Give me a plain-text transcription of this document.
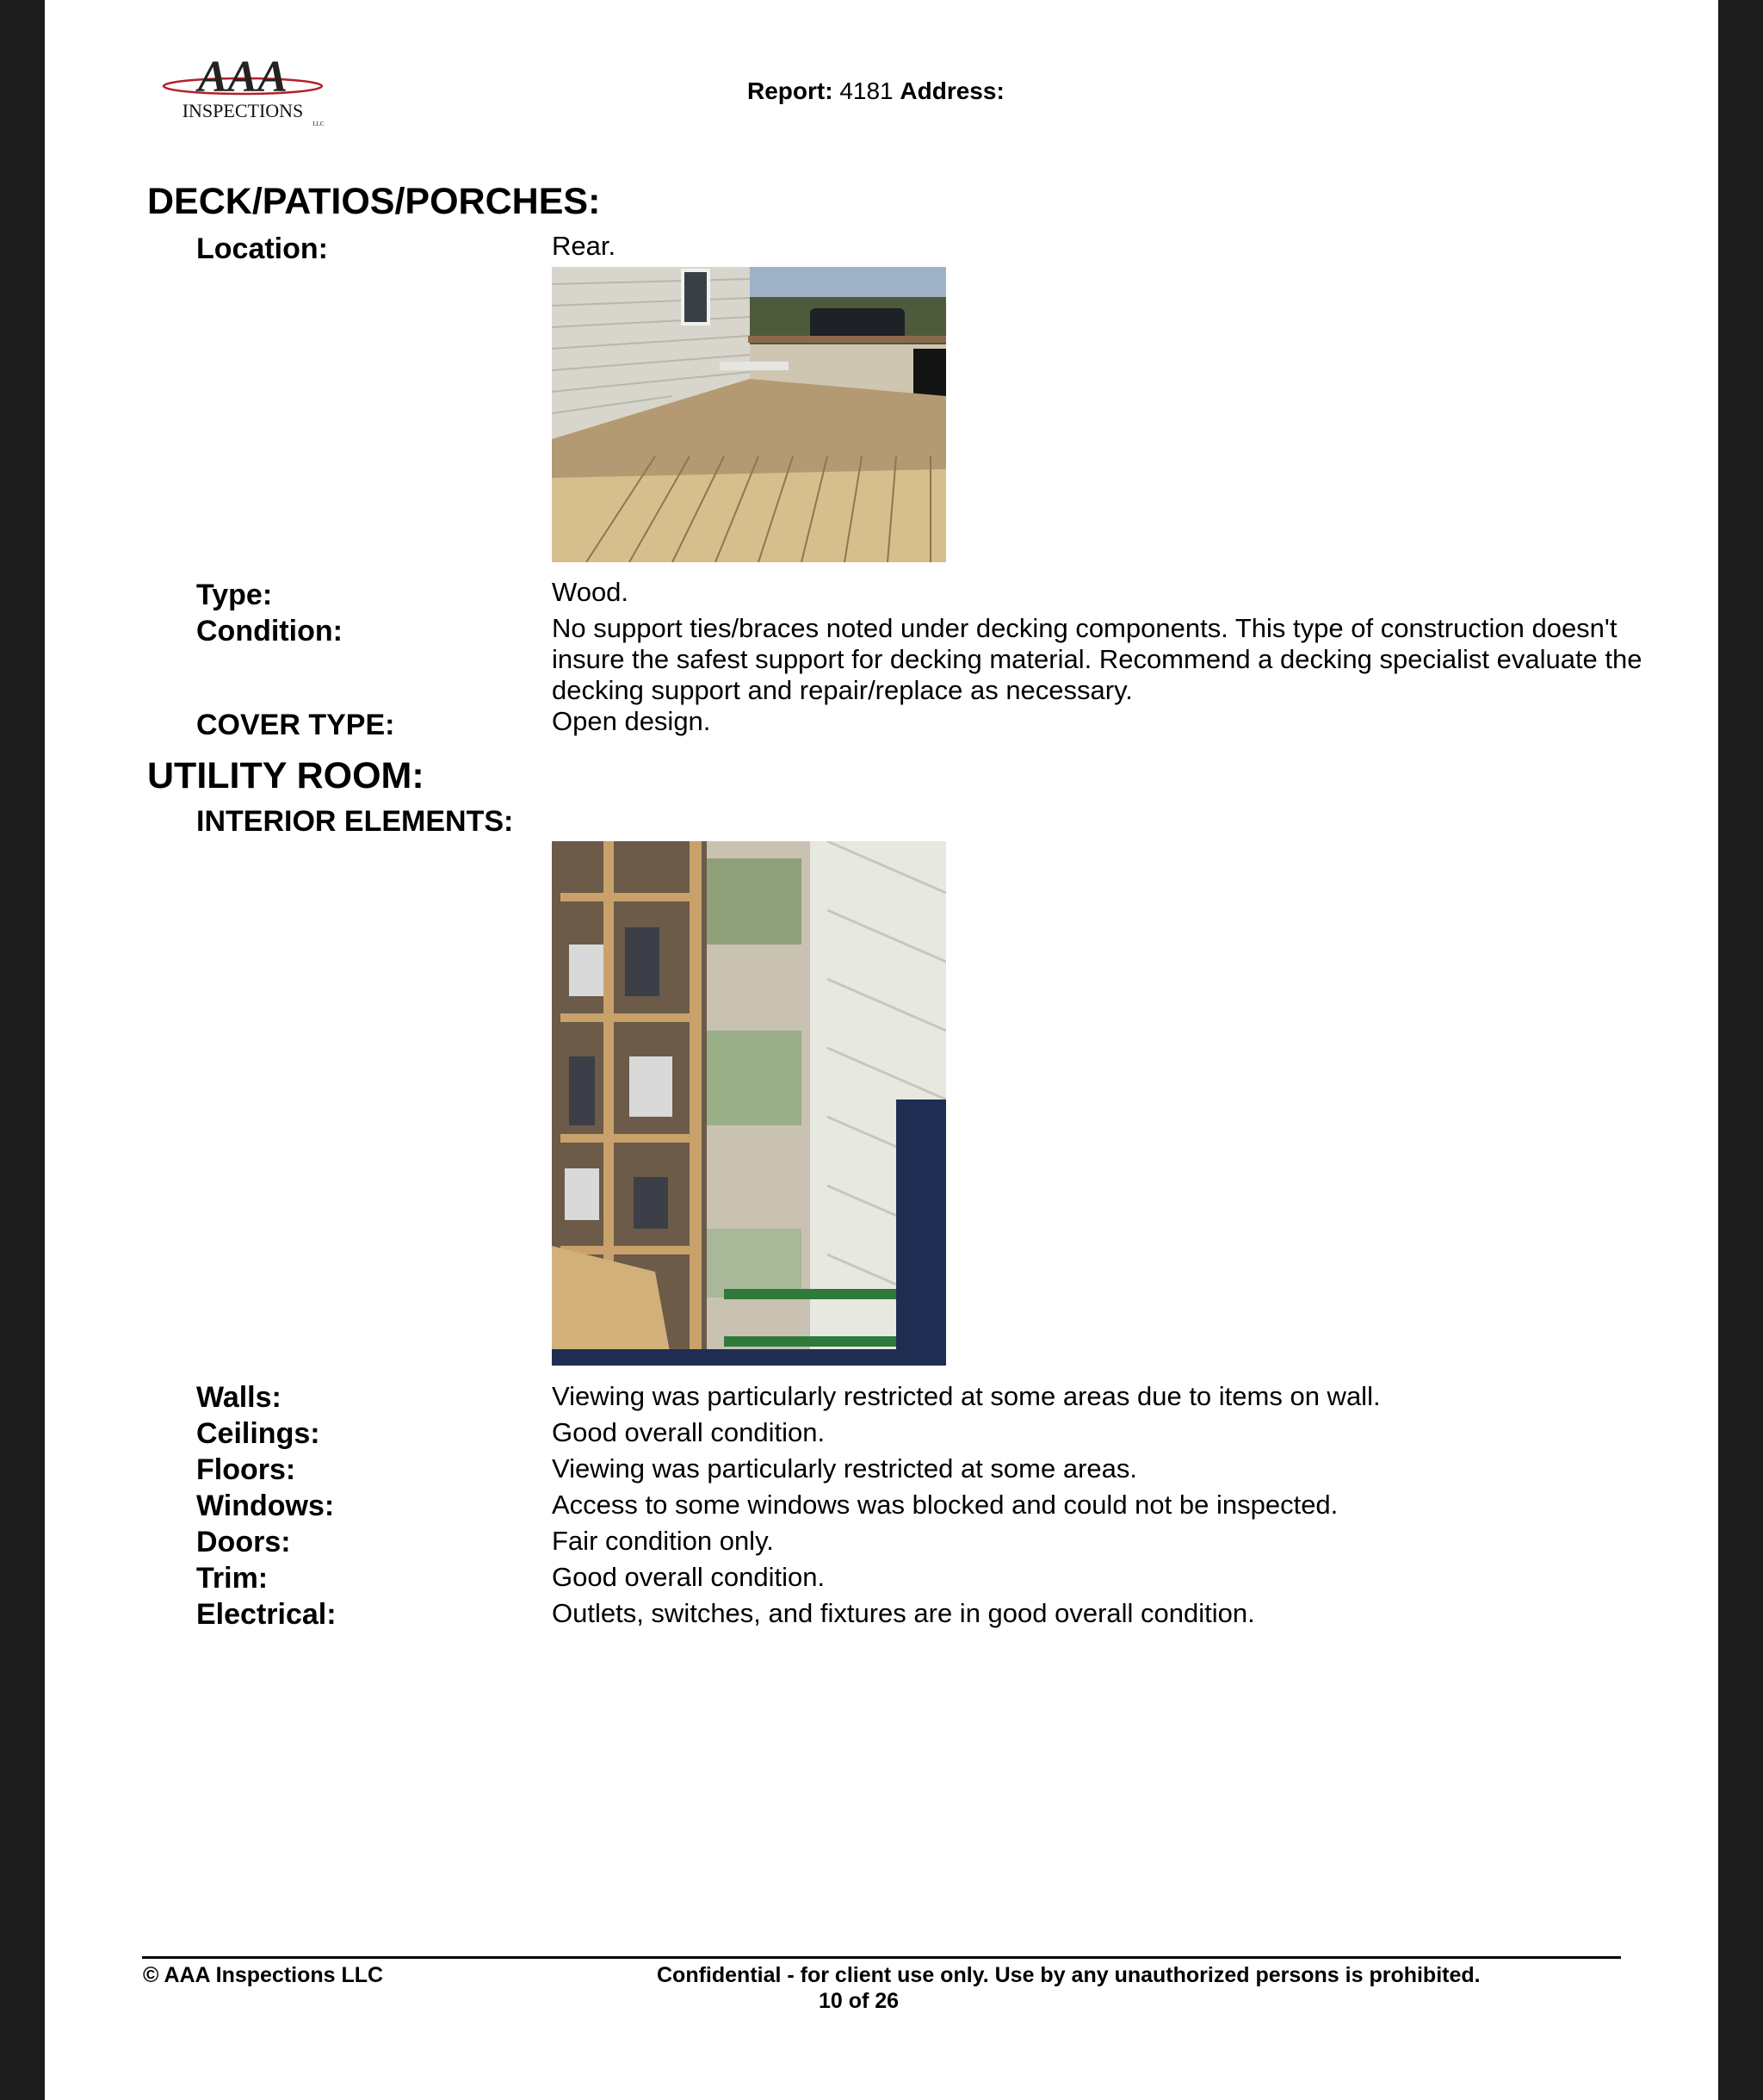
AAA
INSPECTIONS
LLC
Report: 4181 Address:
DECK/PATIOS/PORCHES:
Location:	Rear.
Type:	Wood.
Condition:	No support ties/braces noted under decking components. This type of construction doesn't insure the safest support for decking material. Recommend a decking specialist evaluate the decking support and repair/replace as necessary.
COVER TYPE:	Open design.
UTILITY ROOM:
INTERIOR ELEMENTS:
Walls:	Viewing was particularly restricted at some areas due to items on wall.
Ceilings:	Good overall condition.
Floors:	Viewing was particularly restricted at some areas.
Windows:	Access to some windows was blocked and could not be inspected.
Doors:	Fair condition only.
Trim:	Good overall condition.
Electrical:	Outlets, switches, and fixtures are in good overall condition.
© AAA Inspections LLC	Confidential - for client use only. Use by any unauthorized persons is prohibited.
10 of 26
